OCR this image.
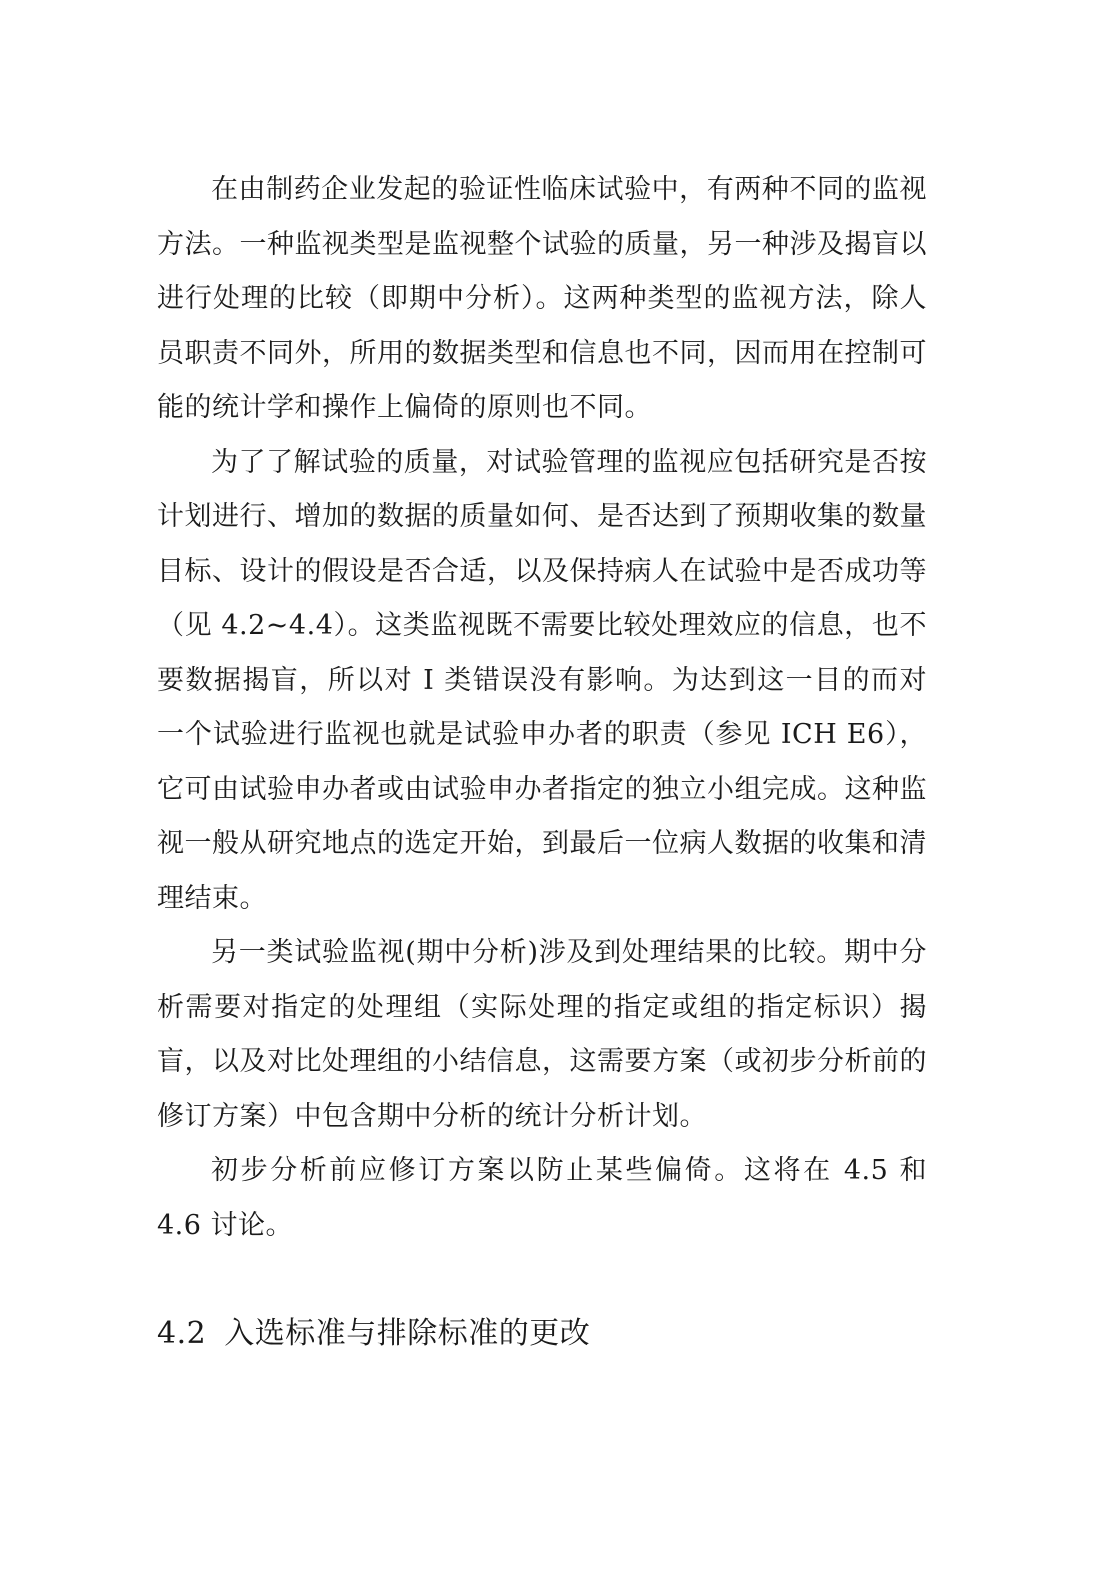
在由制药企业发起的验证性临床试验中，有两种不同的监视方法。一种监视类型是监视整个试验的质量，另一种涉及揭盲以进行处理的比较（即期中分析）。这两种类型的监视方法，除人员职责不同外，所用的数据类型和信息也不同，因而用在控制可能的统计学和操作上偏倚的原则也不同。

为了了解试验的质量，对试验管理的监视应包括研究是否按计划进行、增加的数据的质量如何、是否达到了预期收集的数量目标、设计的假设是否合适，以及保持病人在试验中是否成功等（见 4.2~4.4）。这类监视既不需要比较处理效应的信息，也不要数据揭盲，所以对 I 类错误没有影响。为达到这一目的而对一个试验进行监视也就是试验申办者的职责（参见 ICH E6），它可由试验申办者或由试验申办者指定的独立小组完成。这种监视一般从研究地点的选定开始，到最后一位病人数据的收集和清理结束。

另一类试验监视(期中分析)涉及到处理结果的比较。期中分析需要对指定的处理组（实际处理的指定或组的指定标识）揭盲，以及对比处理组的小结信息，这需要方案（或初步分析前的修订方案）中包含期中分析的统计分析计划。

初步分析前应修订方案以防止某些偏倚。这将在 4.5 和 4.6 讨论。

4.2 入选标准与排除标准的更改
